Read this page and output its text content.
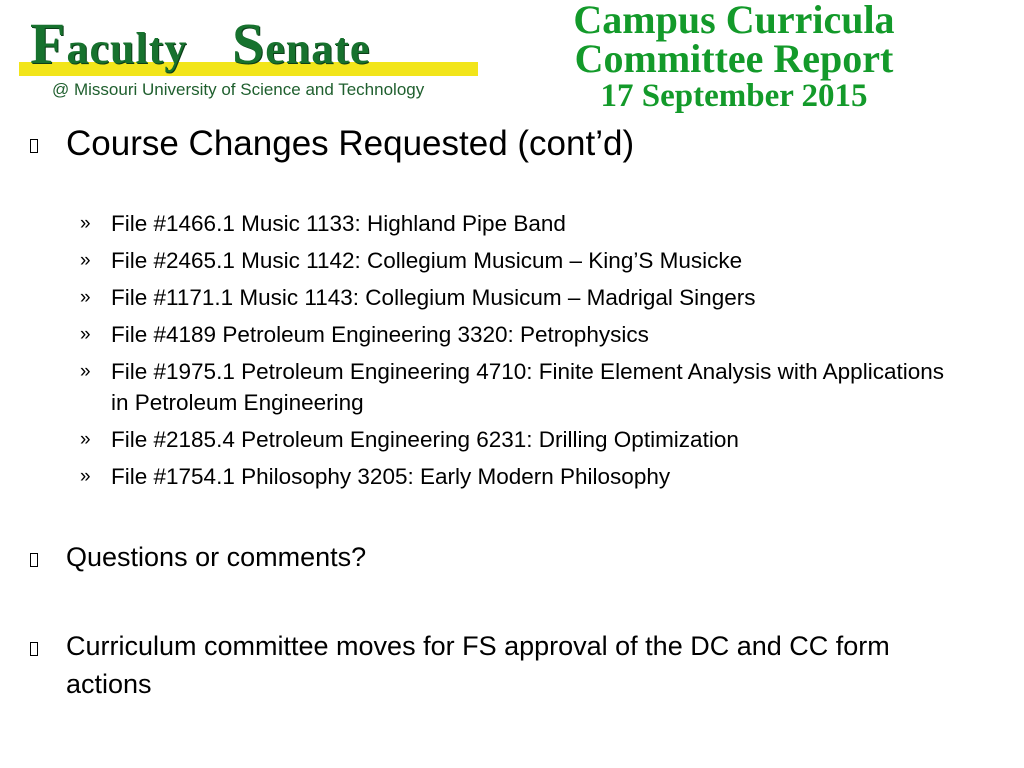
Faculty Senate
@ Missouri University of Science and Technology
Campus Curricula
Committee Report
17 September 2015
Course Changes Requested (cont’d)
» File #1466.1 Music 1133: Highland Pipe Band
» File #2465.1 Music 1142: Collegium Musicum – King’S Musicke
» File #1171.1 Music 1143: Collegium Musicum – Madrigal Singers
» File #4189 Petroleum Engineering 3320: Petrophysics
» File #1975.1 Petroleum Engineering 4710: Finite Element Analysis with Applications in Petroleum Engineering
» File #2185.4 Petroleum Engineering 6231: Drilling Optimization
» File #1754.1 Philosophy 3205: Early Modern Philosophy
Questions or comments?
Curriculum committee moves for FS approval of the DC and CC form actions
